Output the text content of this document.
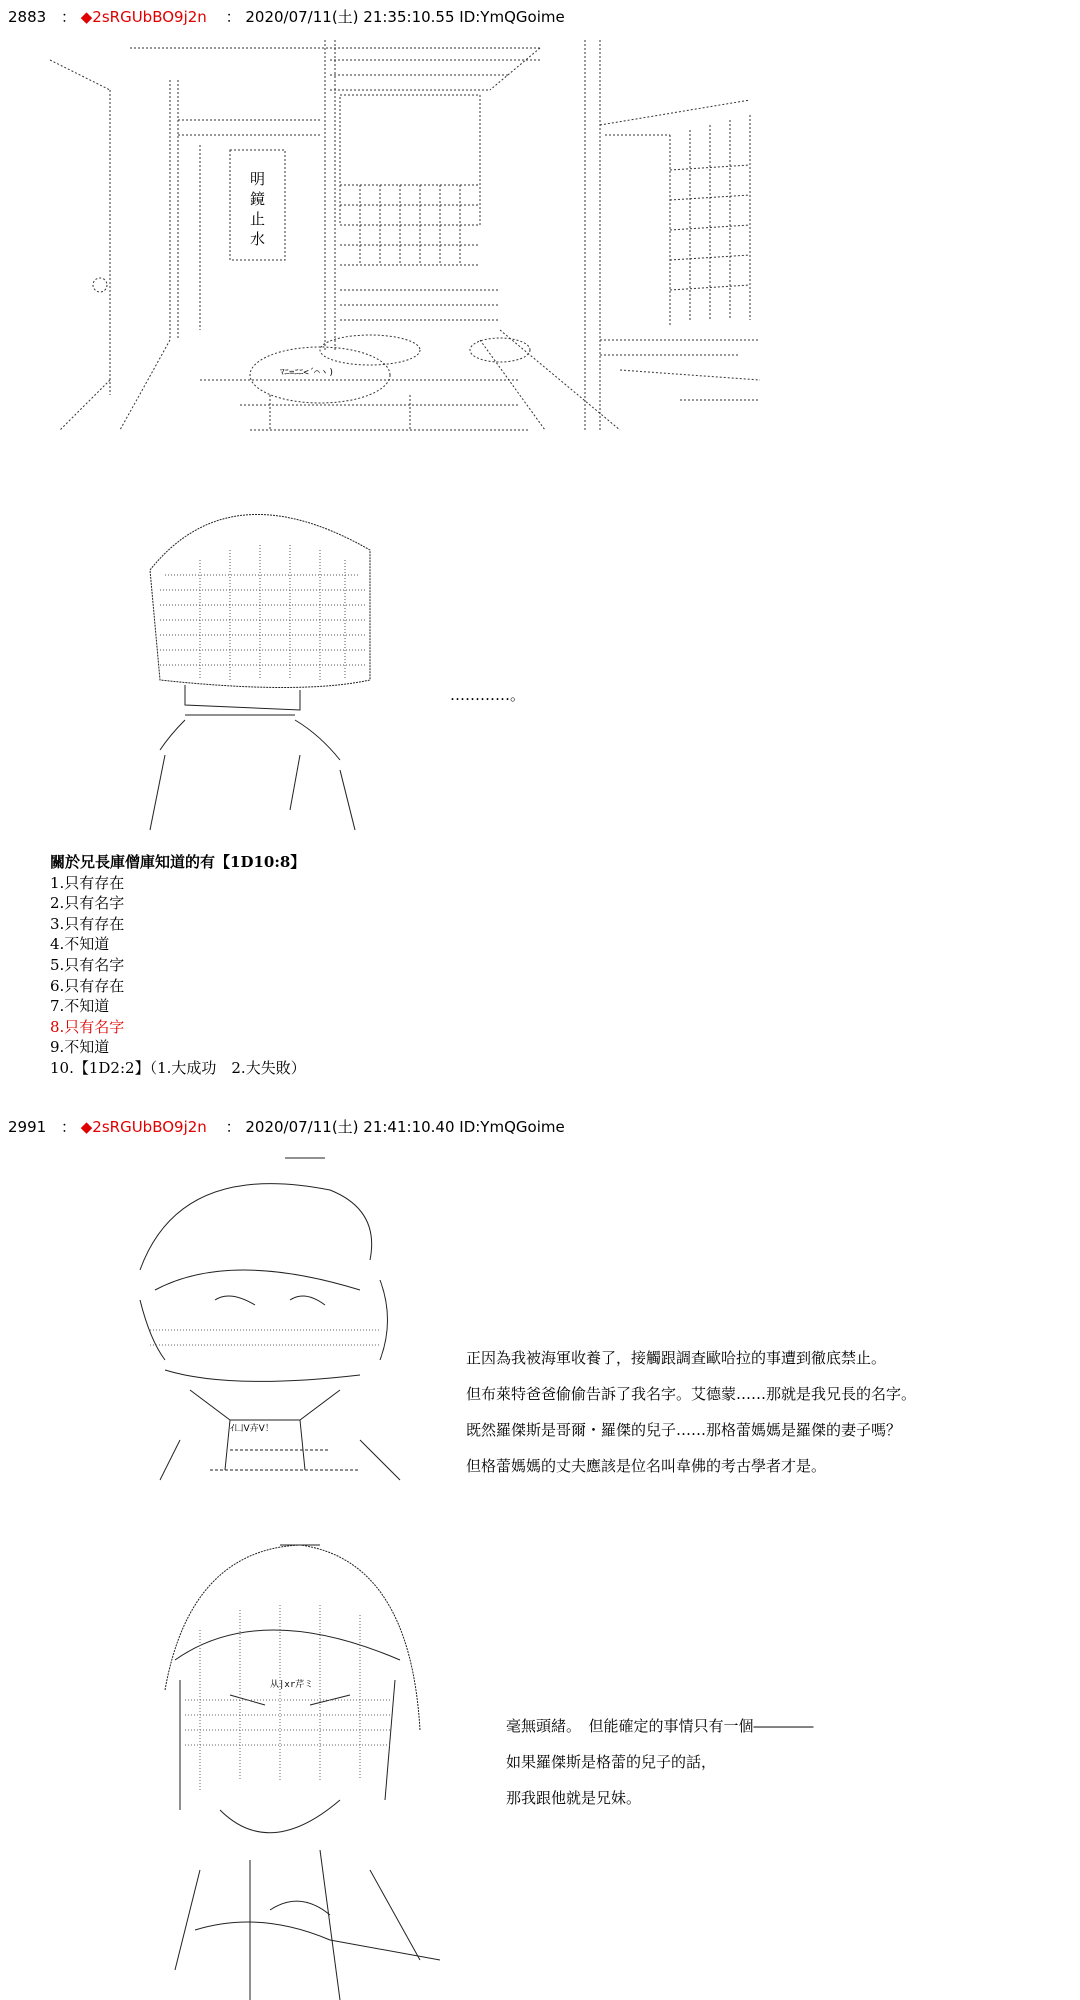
2883 ： ◆2sRGUbBO9j2n ： 2020/07/11(土) 21:35:10.55 ID:YmQGoime
明
鏡
止
水
ﾏﾆ=ﾆﾆ<´⌒ヽ)
…………。
關於兄長庫僧庫知道的有【1D10:8】
1.只有存在
2.只有名字
3.只有存在
4.不知道
5.只有名字
6.只有存在
7.不知道
8.只有名字
9.不知道
10.【1D2:2】（1.大成功　2.大失敗）
2991 ： ◆2sRGUbBO9j2n ： 2020/07/11(土) 21:41:10.40 ID:YmQGoime
ｲ凵Ⅴ卉Ⅴ！
正因為我被海軍收養了，接觸跟調查歐哈拉的事遭到徹底禁止。
但布萊特爸爸偷偷告訴了我名字。艾德蒙……那就是我兄長的名字。
既然羅傑斯是哥爾・羅傑的兒子……那格蕾媽媽是羅傑的妻子嗎？
但格蕾媽媽的丈夫應該是位名叫韋佛的考古學者才是。
从|xr芹ミ
毫無頭緒。　但能確定的事情只有一個――――
如果羅傑斯是格蕾的兒子的話，
那我跟他就是兄妹。
